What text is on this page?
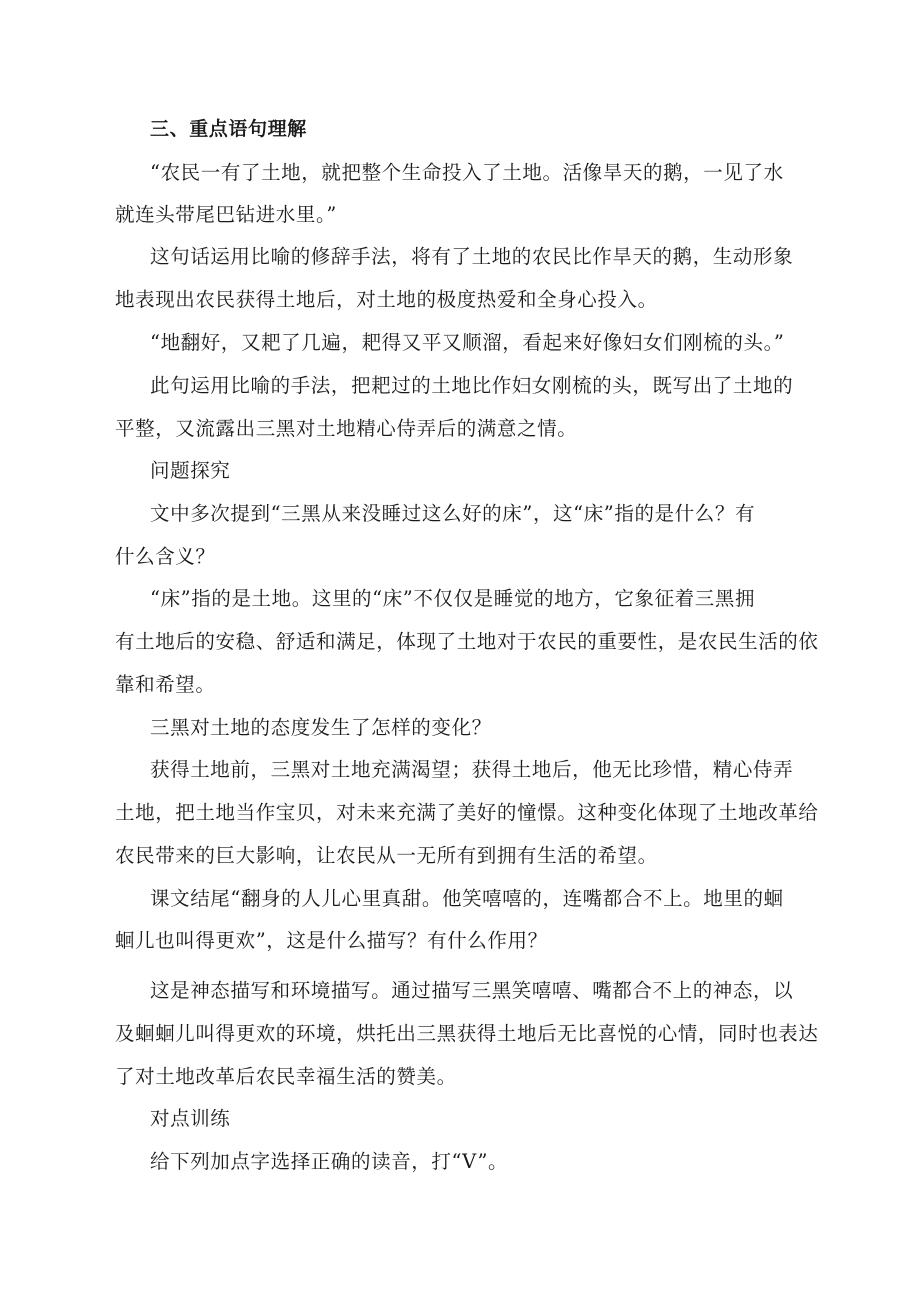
三、重点语句理解
“农民一有了土地，就把整个生命投入了土地。活像旱天的鹅，一见了水
就连头带尾巴钻进水里。”
这句话运用比喻的修辞手法，将有了土地的农民比作旱天的鹅，生动形象
地表现出农民获得土地后，对土地的极度热爱和全身心投入。
“地翻好，又耙了几遍，耙得又平又顺溜，看起来好像妇女们刚梳的头。”
此句运用比喻的手法，把耙过的土地比作妇女刚梳的头，既写出了土地的
平整，又流露出三黑对土地精心侍弄后的满意之情。
问题探究
文中多次提到“三黑从来没睡过这么好的床”，这“床”指的是什么？有
什么含义？
“床”指的是土地。这里的“床”不仅仅是睡觉的地方，它象征着三黑拥
有土地后的安稳、舒适和满足，体现了土地对于农民的重要性，是农民生活的依
靠和希望。
三黑对土地的态度发生了怎样的变化？
获得土地前，三黑对土地充满渴望；获得土地后，他无比珍惜，精心侍弄
土地，把土地当作宝贝，对未来充满了美好的憧憬。这种变化体现了土地改革给
农民带来的巨大影响，让农民从一无所有到拥有生活的希望。
课文结尾“翻身的人儿心里真甜。他笑嘻嘻的，连嘴都合不上。地里的蛔
蛔儿也叫得更欢”，这是什么描写？有什么作用？
这是神态描写和环境描写。通过描写三黑笑嘻嘻、嘴都合不上的神态，以
及蛔蛔儿叫得更欢的环境，烘托出三黑获得土地后无比喜悦的心情，同时也表达
了对土地改革后农民幸福生活的赞美。
对点训练
给下列加点字选择正确的读音，打“V”。
